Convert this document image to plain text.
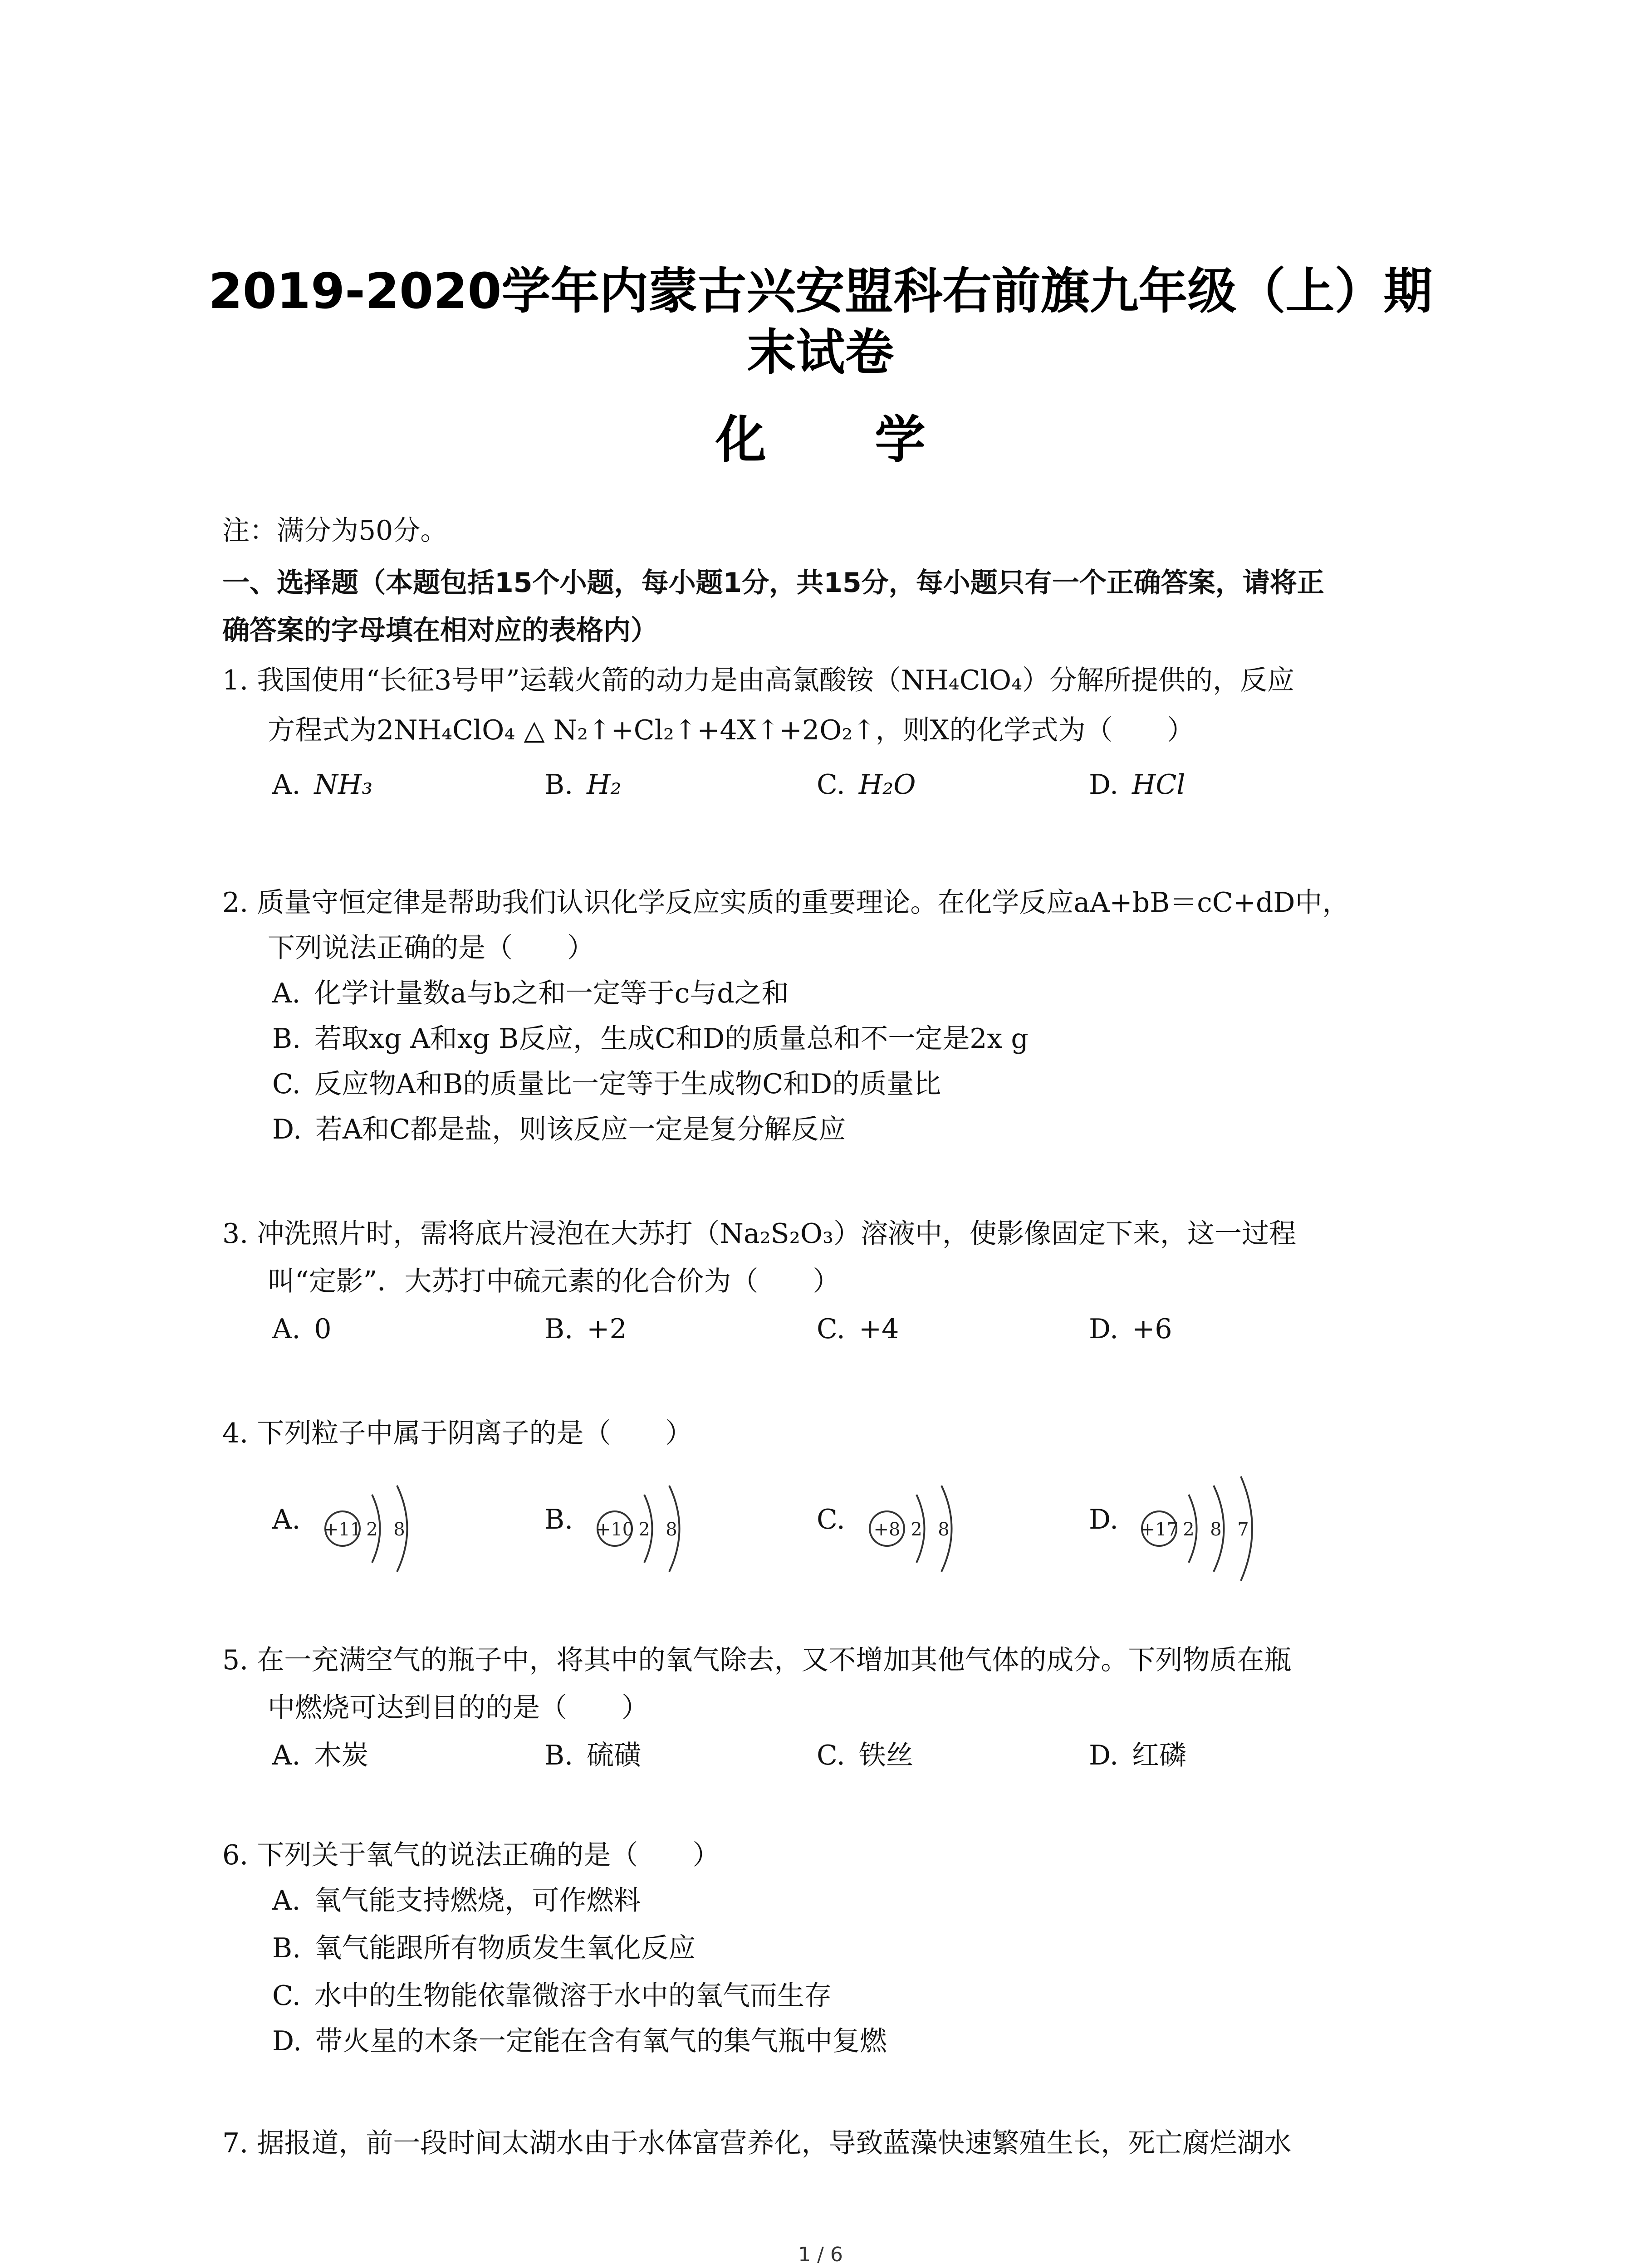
2019-2020学年内蒙古兴安盟科右前旗九年级（上）期
末试卷
化 学
注：满分为50分。
一、选择题（本题包括15个小题，每小题1分，共15分，每小题只有一个正确答案，请将正
确答案的字母填在相对应的表格内）
1. 我国使用“长征3号甲”运载火箭的动力是由高氯酸铵（NH₄ClO₄）分解所提供的，反应
方程式为2NH₄ClO₄ △ N₂↑+Cl₂↑+4X↑+2O₂↑，则X的化学式为（　　）
A. NH₃	B. H₂	C. H₂O	D. HCl
2. 质量守恒定律是帮助我们认识化学反应实质的重要理论。在化学反应aA+bB＝cC+dD中，
下列说法正确的是（　　）
A. 化学计量数a与b之和一定等于c与d之和
B. 若取xg A和xg B反应，生成C和D的质量总和不一定是2x g
C. 反应物A和B的质量比一定等于生成物C和D的质量比
D. 若A和C都是盐，则该反应一定是复分解反应
3. 冲洗照片时，需将底片浸泡在大苏打（Na₂S₂O₃）溶液中，使影像固定下来，这一过程
叫“定影”．大苏打中硫元素的化合价为（　　）
A. 0	B. +2	C. +4	D. +6
4. 下列粒子中属于阴离子的是（　　）
A.	B.	C.	D.
+11 2 8	+10 2 8	+8 2 8	+17 2 8 7
5. 在一充满空气的瓶子中，将其中的氧气除去，又不增加其他气体的成分。下列物质在瓶
中燃烧可达到目的的是（　　）
A. 木炭	B. 硫磺	C. 铁丝	D. 红磷
6. 下列关于氧气的说法正确的是（　　）
A. 氧气能支持燃烧，可作燃料
B. 氧气能跟所有物质发生氧化反应
C. 水中的生物能依靠微溶于水中的氧气而生存
D. 带火星的木条一定能在含有氧气的集气瓶中复燃
7. 据报道，前一段时间太湖水由于水体富营养化，导致蓝藻快速繁殖生长，死亡腐烂湖水
1 / 6
